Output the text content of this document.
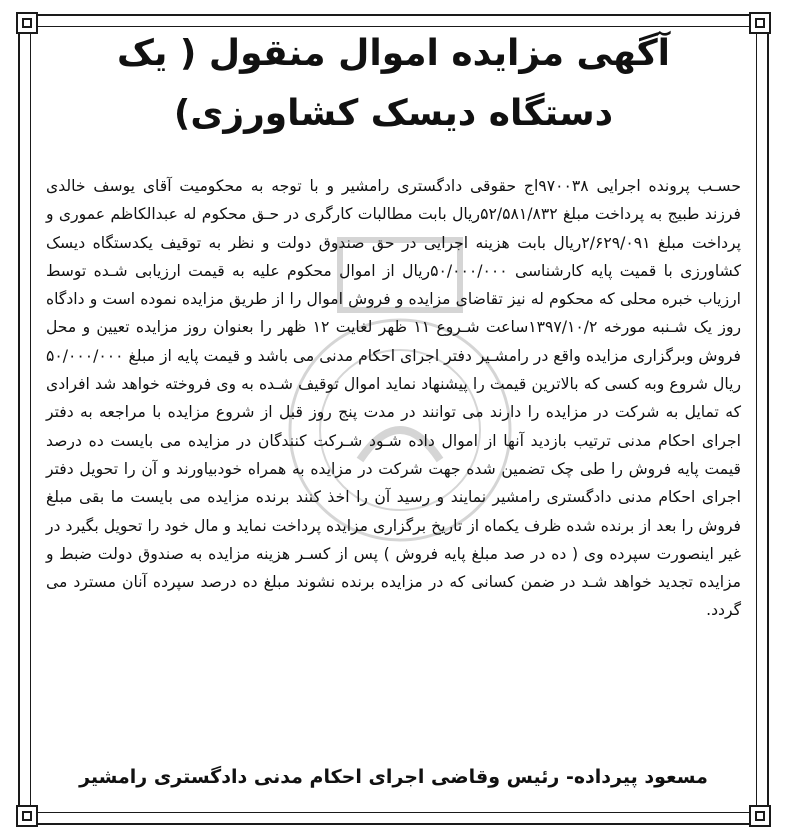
آگهی مزایده اموال منقول ( یک دستگاه دیسک کشاورزی)
حسـب پرونده اجرایی ۹۷۰۰۳۸اج حقوقی دادگستری رامشیر و با توجه به محکومیت آقای یوسف خالدی فرزند طبیج به پرداخت مبلغ ۵۲/۵۸۱/۸۳۲ریال بابت مطالبات کارگری در حـق محکوم له عبدالکاظم عموری و پرداخت مبلغ ۲/۶۲۹/۰۹۱ریال بابت هزینه اجرایی در حق صندوق دولت و نظر به توقیف یکدستگاه دیسک کشاورزی با قمیت پایه کارشناسی ۵۰/۰۰۰/۰۰۰ریال از اموال محکوم علیه به قیمت ارزیابی شـده توسط ارزیاب خبره محلی که محکوم له نیز تقاضای مزایده و فروش اموال را از طریق مزایده نموده است و دادگاه روز یک شـنبه مورخه ۱۳۹۷/۱۰/۲ساعت شـروع ۱۱ ظهر لغایت ۱۲ ظهر را بعنوان روز مزایده تعیین و محل فروش وبرگزاری مزایده واقع در رامشـیر دفتر اجرای احکام مدنی می باشد و قیمت پایه از مبلغ ۵۰/۰۰۰/۰۰۰ ریال شروع وبه کسی که بالاترین قیمت را پیشنهاد نماید اموال توقیف شـده به وی فروخته خواهد شد افرادی که تمایل به شرکت در مزایده را دارند می توانند در مدت پنج روز قبل از شروع مزایده با مراجعه به دفتر اجرای احکام مدنی ترتیب بازدید آنها از اموال داده شـود شـرکت کنندگان در مزایده می بایست ده درصد قیمت پایه فروش را طی چک تضمین شده جهت شرکت در مزایده به همراه خودبیاورند و آن را تحویل دفتر اجرای احکام مدنی دادگستری رامشیر نمایند و رسید آن را اخذ کنند برنده مزایده می بایست ما بقی مبلغ فروش را بعد از برنده شده ظرف یکماه از تاریخ برگزاری مزایده پرداخت نماید و مال خود را تحویل بگیرد در غیر اینصورت سپرده وی ( ده در صد مبلغ پایه فروش ) پس از کسـر هزینه مزایده به صندوق دولت ضبط و مزایده تجدید خواهد شـد در ضمن کسانی که در مزایده برنده نشوند مبلغ ده درصد سپرده آنان مسترد می گردد.
مسعود پیرداده- رئیس وقاضی اجرای احکام مدنی دادگستری رامشیر
